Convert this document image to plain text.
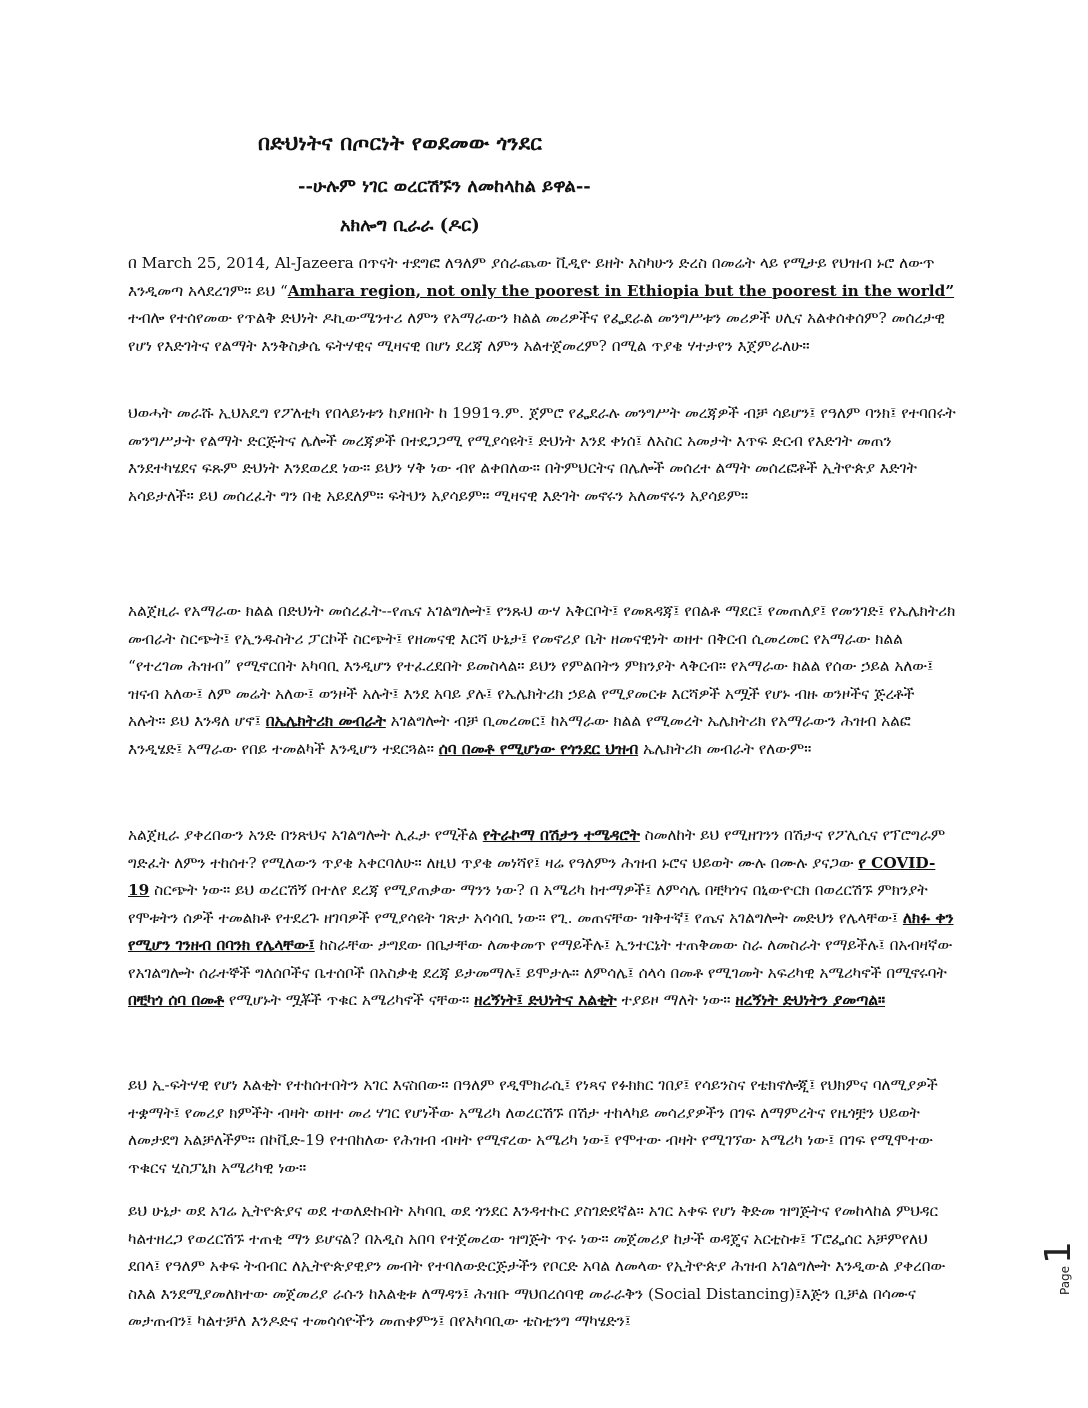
በድህነትና በጦርነት የወደመው ጎንደር
--ሁሉም ነገር ወረርሽኙን ለመከላከል ይዋል--
አክሎግ ቢራራ (ዶር)

በ March 25, 2014, Al-Jazeera በጥናት ተደግፎ ለዓለም ያሰራጨው ቪዲዮ ይዘት እስካሁን ድረስ በመሬት ላይ የሚታይ የህዝብ ኑሮ ለውጥ እንዲመጣ አላደረገም። ይህ “Amhara region, not only the poorest in Ethiopia but the poorest in the world” ተብሎ የተሰየመው የጥልቅ ድህነት ዶኪውሜንተሪ ለምን የአማራውን ክልል መሪዎችና የፌደራል መንግሥቱን መሪዎች ሀሊና አልቀሰቀሰም? መሰረታዊ የሆነ የእድገትና የልማት እንቅስቃሴ ፍትሃዊና ሚዛናዊ በሆነ ደረጃ ለምን አልተጀመረም? በሚል ጥያቄ ሃተታየን እጀምራለሁ።

ህወሓት መራሹ ኢህአዴግ የፖለቲካ የበላይነቱን ከያዘበት ከ 1991ዓ.ም. ጀምሮ የፌደራሉ መንግሥት መረጃዎች ብቻ ሳይሆን፤ የዓለም ባንክ፤ የተባበሩት መንግሥታት የልማት ድርጅትና ሌሎች መረጃዎች በተደጋጋሚ የሚያሳዩት፤ ድህነት እንደ ቀነሰ፤ ለአስር አመታት እጥፍ ድርብ የእድገት መጠን እንደተካሄደና ፍጹም ድህነት እንደወረደ ነው። ይህን ሃቅ ነው ብየ ልቀበለው። በትምህርትና በሌሎች መሰረተ ልማት መሰረፎቶች ኢትዮጵያ እድገት አሳይታለች። ይህ መሰረፈት ግን በቂ አይደለም። ፍትህን አያሳይም። ሚዛናዊ እድገት መኖሩን አለመኖሩን አያሳይም።

አልጀዚራ የአማራው ክልል በድህነት መሰረፈት--የጤና አገልግሎት፤ የንጹህ ውሃ አቅርቦት፤ የመጸዳጃ፤ የበልቶ ማደር፤ የመጠለያ፤ የመንገድ፤ የኤሌክትሪክ መብራት ስርጭት፤ የኢንዱስትሪ ፓርኮች ስርጭት፤ የዘመናዊ እርሻ ሁኔታ፤ የመኖሪያ ቤት ዘመናዊነት ወዘተ በቅርብ ሲመረመር የአማራው ክልል “የተረገመ ሕዝብ” የሚኖርበት አካባቢ እንዲሆን የተፈረደበት ይመስላል። ይህን የምልበትን ምክንያት ላቅርብ። የአማራው ክልል የሰው ኃይል አለው፤ ዝናብ አለው፤ ለም መሬት አለው፤ ወንዞች አሉት፤ እንደ አባይ ያሉ፤ የኤሌክትሪክ ኃይል የሚያመርቱ እርሻዎች አሟች የሆኑ ብዙ ወንዞችና ጅረቶች አሉት። ይህ እንዳለ ሆኖ፤ በኤሌክትሪክ መብራት አገልግሎት ብቻ ቢመረመር፤ ከአማራው ክልል የሚመረት ኤሌክትሪክ የአማራውን ሕዝብ አልፎ እንዲሄድ፤ አማራው የበይ ተመልካች እንዲሆን ተደርጓል። ሰባ በመቶ የሚሆነው የጎንደር ህዝብ ኤሌክትሪክ መብራት የለውም።

አልጀዚራ ያቀረበውን አንድ በንጽህና አገልግሎት ሊፈታ የሚችል የትራኮማ በሽታን ተሜዳሮት ስመለከት ይህ የሚዘገንን በሽታና የፖሊሲና የፕሮግራም ግድፈት ለምን ተከሰተ? የሚለውን ጥያቄ አቀርባለሁ። ለዚህ ጥያቄ መነሻየ፤ ዛሬ የዓለምን ሕዝብ ኑሮና ህይወት ሙሉ በሙሉ ያናጋው የ COVID-19 ስርጭት ነው። ይህ ወረርሽኝ በተለየ ደረጃ የሚያጠቃው ማንን ነው? በ አሜሪካ ከተማዎች፤ ለምሳሌ በቺካጎና በኒውዮርክ በወረርሽኙ ምክንያት የሞቱትን ሰዎች ተመልክቶ የተደረጉ ዘገባዎች የሚያሳዩት ገጽታ አሳሳቢ ነው። የጊ. መጠናቸው ዝቅተኛ፤ የጤና አገልግሎት መድህን የሌላቸው፤ ለክፉ ቀን የሚሆን ገንዘብ በባንክ የሌላቸው፤ ከስራቸው ታግደው በቤታቸው ለመቀመጥ የማይችሉ፤ ኢንተርኔት ተጠቅመው ስራ ለመስራት የማይችሉ፤ በአብዛኛው የአገልግሎት ሰራተኞች ግለሰቦችና ቤተሰቦች በአስቃቂ ደረጃ ይታመማሉ፤ ይሞታሉ። ለምሳሌ፤ ሰላሳ በመቶ የሚገመት አፍሪካዊ አሜሪካኖች በሚኖሩባት በቺካጎ ሰባ በመቶ የሚሆኑት ሟቾች ጥቁር አሜሪካኖች ናቸው። ዘረኝነት፤ ድህነትና እልቂት ተያይዞ ማለት ነው። ዘረኝነት ድህነትን ያመጣል።

ይህ ኢ-ፍትሃዊ የሆነ እልቂት የተከሰተበትን አገር እናስበው። በዓለም የዲሞክራሲ፤ የነጻና የፉክክር ገበያ፤ የሳይንስና የቴክኖሎጂ፤ የህክምና ባለሚያዎች ተቋማት፤ የመሪያ ክምችት ብዛት ወዘተ መሪ ሃገር የሆነችው አሜሪካ ለወረርሽኙ በሽታ ተከላካይ መሳሪያዎችን በገፍ ለማምረትና የዜጎቿን ህይወት ለመታደግ አልቻለችም። በኮቪድ-19 የተበከለው የሕዝብ ብዛት የሚኖረው አሜሪካ ነው፤ የሞተው ብዛት የሚገኘው አሜሪካ ነው፤ በገፍ የሚሞተው ጥቁርና ሂስፓኒክ አሜሪካዊ ነው።

ይህ ሁኔታ ወደ አገሬ ኢትዮጵያና ወደ ተወለድኩበት አካባቢ ወደ ጎንደር እንዳተኩር ያስገድደኛል። አገር አቀፍ የሆነ ቅድመ ዝግጅትና የመከላከል ምህዳር ካልተዘረጋ የወረርሽኙ ተጠቂ ማን ይሆናል? በአዲስ አበባ የተጀመረው ዝግጅት ጥሩ ነው። መጀመሪያ ከታች ወዳጄና አርቲስቱ፤ ፕሮፌሰር አቻምየለህ ደበላ፤ የዓለም አቀፍ ትብብር ለኢትዮጵያዊያን መብት የተባለውድርጅታችን የቦርድ አባል ለመላው የኢትዮጵያ ሕዝብ አገልግሎት እንዲውል ያቀረበው ስእል እንደሚያመለክተው መጀመሪያ ራሱን ከእልቂቱ ለማዳን፤ ሕዝቡ ማህበረሰባዊ መራራቅን (Social Distancing)፤እጅን ቢቻል በሳሙና መታጠብን፤ ካልተቻለ እንዶድና ተመሳሳዮችን መጠቀምን፤ በየአካባቢው ቴስቲንግ ማካሄድን፤

Page
1
